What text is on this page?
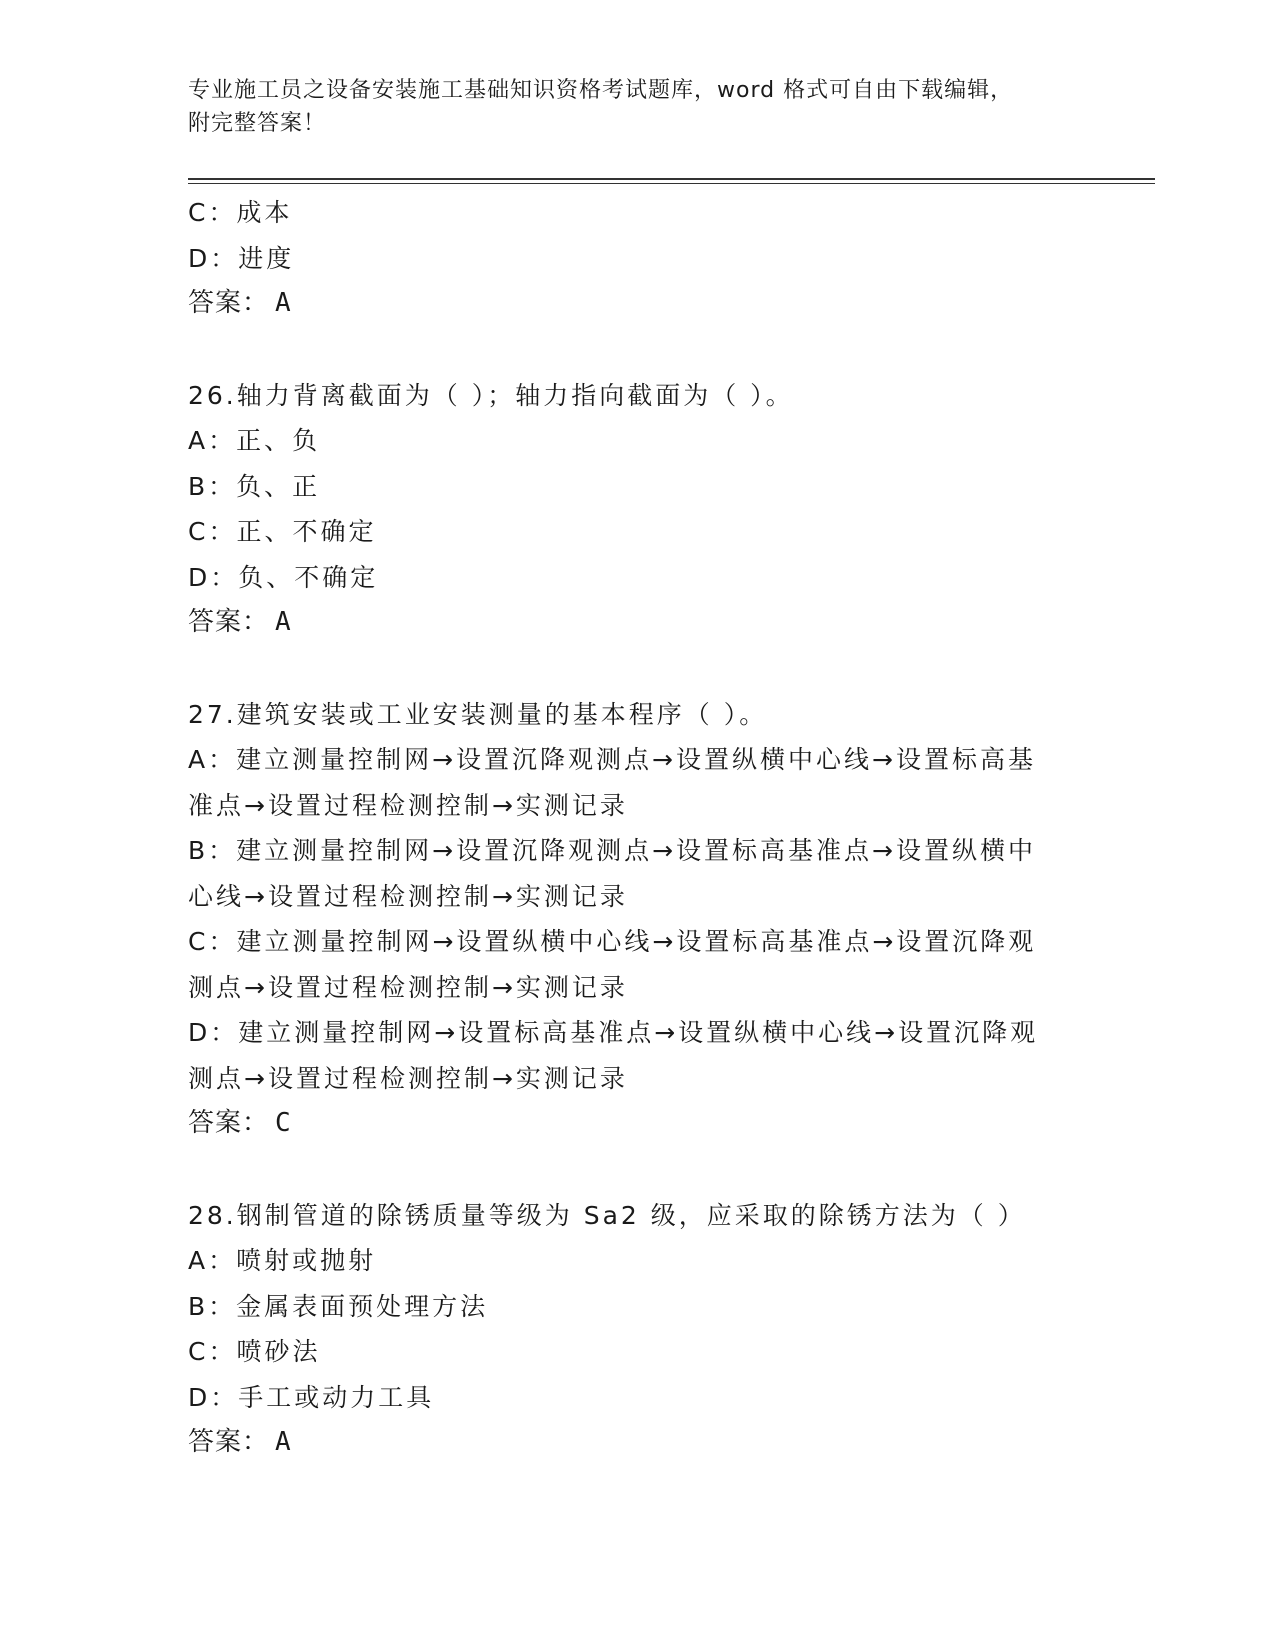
专业施工员之设备安装施工基础知识资格考试题库，word 格式可自由下载编辑，
附完整答案！
C：成本
D：进度
答案： A
26.轴力背离截面为（ ）；轴力指向截面为（ ）。
A：正、负
B：负、正
C：正、不确定
D：负、不确定
答案： A
27.建筑安装或工业安装测量的基本程序（ ）。
A：建立测量控制网→设置沉降观测点→设置纵横中心线→设置标高基
准点→设置过程检测控制→实测记录
B：建立测量控制网→设置沉降观测点→设置标高基准点→设置纵横中
心线→设置过程检测控制→实测记录
C：建立测量控制网→设置纵横中心线→设置标高基准点→设置沉降观
测点→设置过程检测控制→实测记录
D：建立测量控制网→设置标高基准点→设置纵横中心线→设置沉降观
测点→设置过程检测控制→实测记录
答案： C
28.钢制管道的除锈质量等级为 Sa2 级，应采取的除锈方法为（ ）
A：喷射或抛射
B：金属表面预处理方法
C：喷砂法
D：手工或动力工具
答案： A
